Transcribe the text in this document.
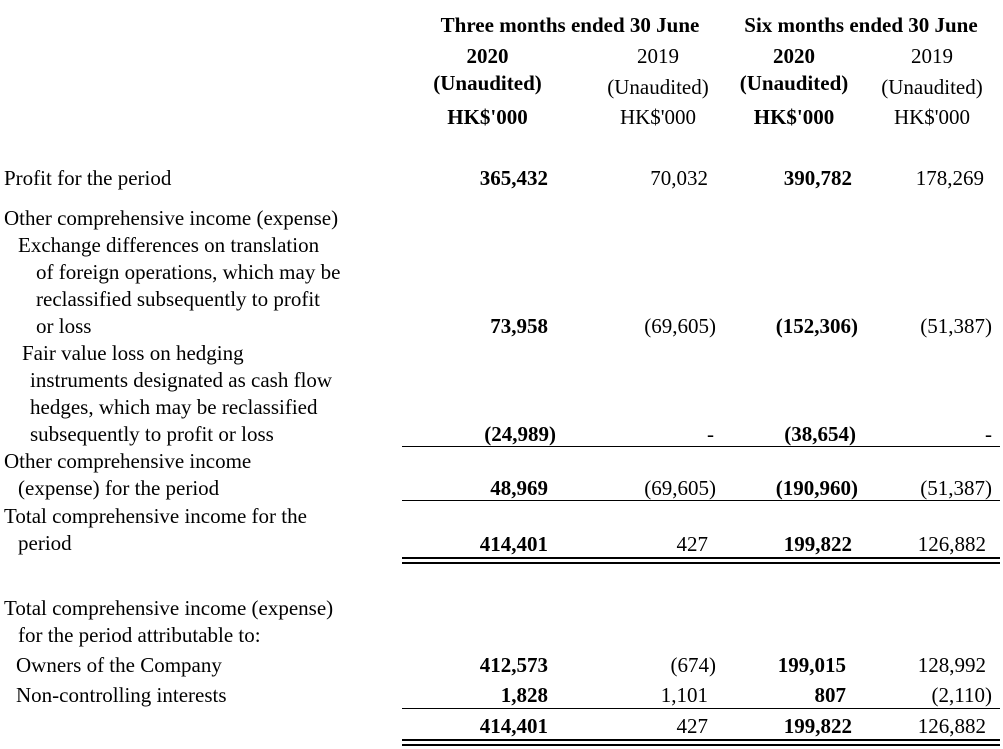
Three months ended 30 June	Six months ended 30 June
2020	2019	2020	2019
(Unaudited)	(Unaudited)	(Unaudited)	(Unaudited)
HK$'000	HK$'000	HK$'000	HK$'000
Profit for the period	365,432	70,032	390,782	178,269
Other comprehensive income (expense)
Exchange differences on translation
of foreign operations, which may be
reclassified subsequently to profit
or loss	73,958	(69,605)	(152,306)	(51,387)
Fair value loss on hedging
instruments designated as cash flow
hedges, which may be reclassified
subsequently to profit or loss	(24,989)	-	(38,654)	-
Other comprehensive income
(expense) for the period	48,969	(69,605)	(190,960)	(51,387)
Total comprehensive income for the
period	414,401	427	199,822	126,882
Total comprehensive income (expense)
for the period attributable to:
Owners of the Company	412,573	(674)	199,015	128,992
Non-controlling interests	1,828	1,101	807	(2,110)
414,401	427	199,822	126,882
